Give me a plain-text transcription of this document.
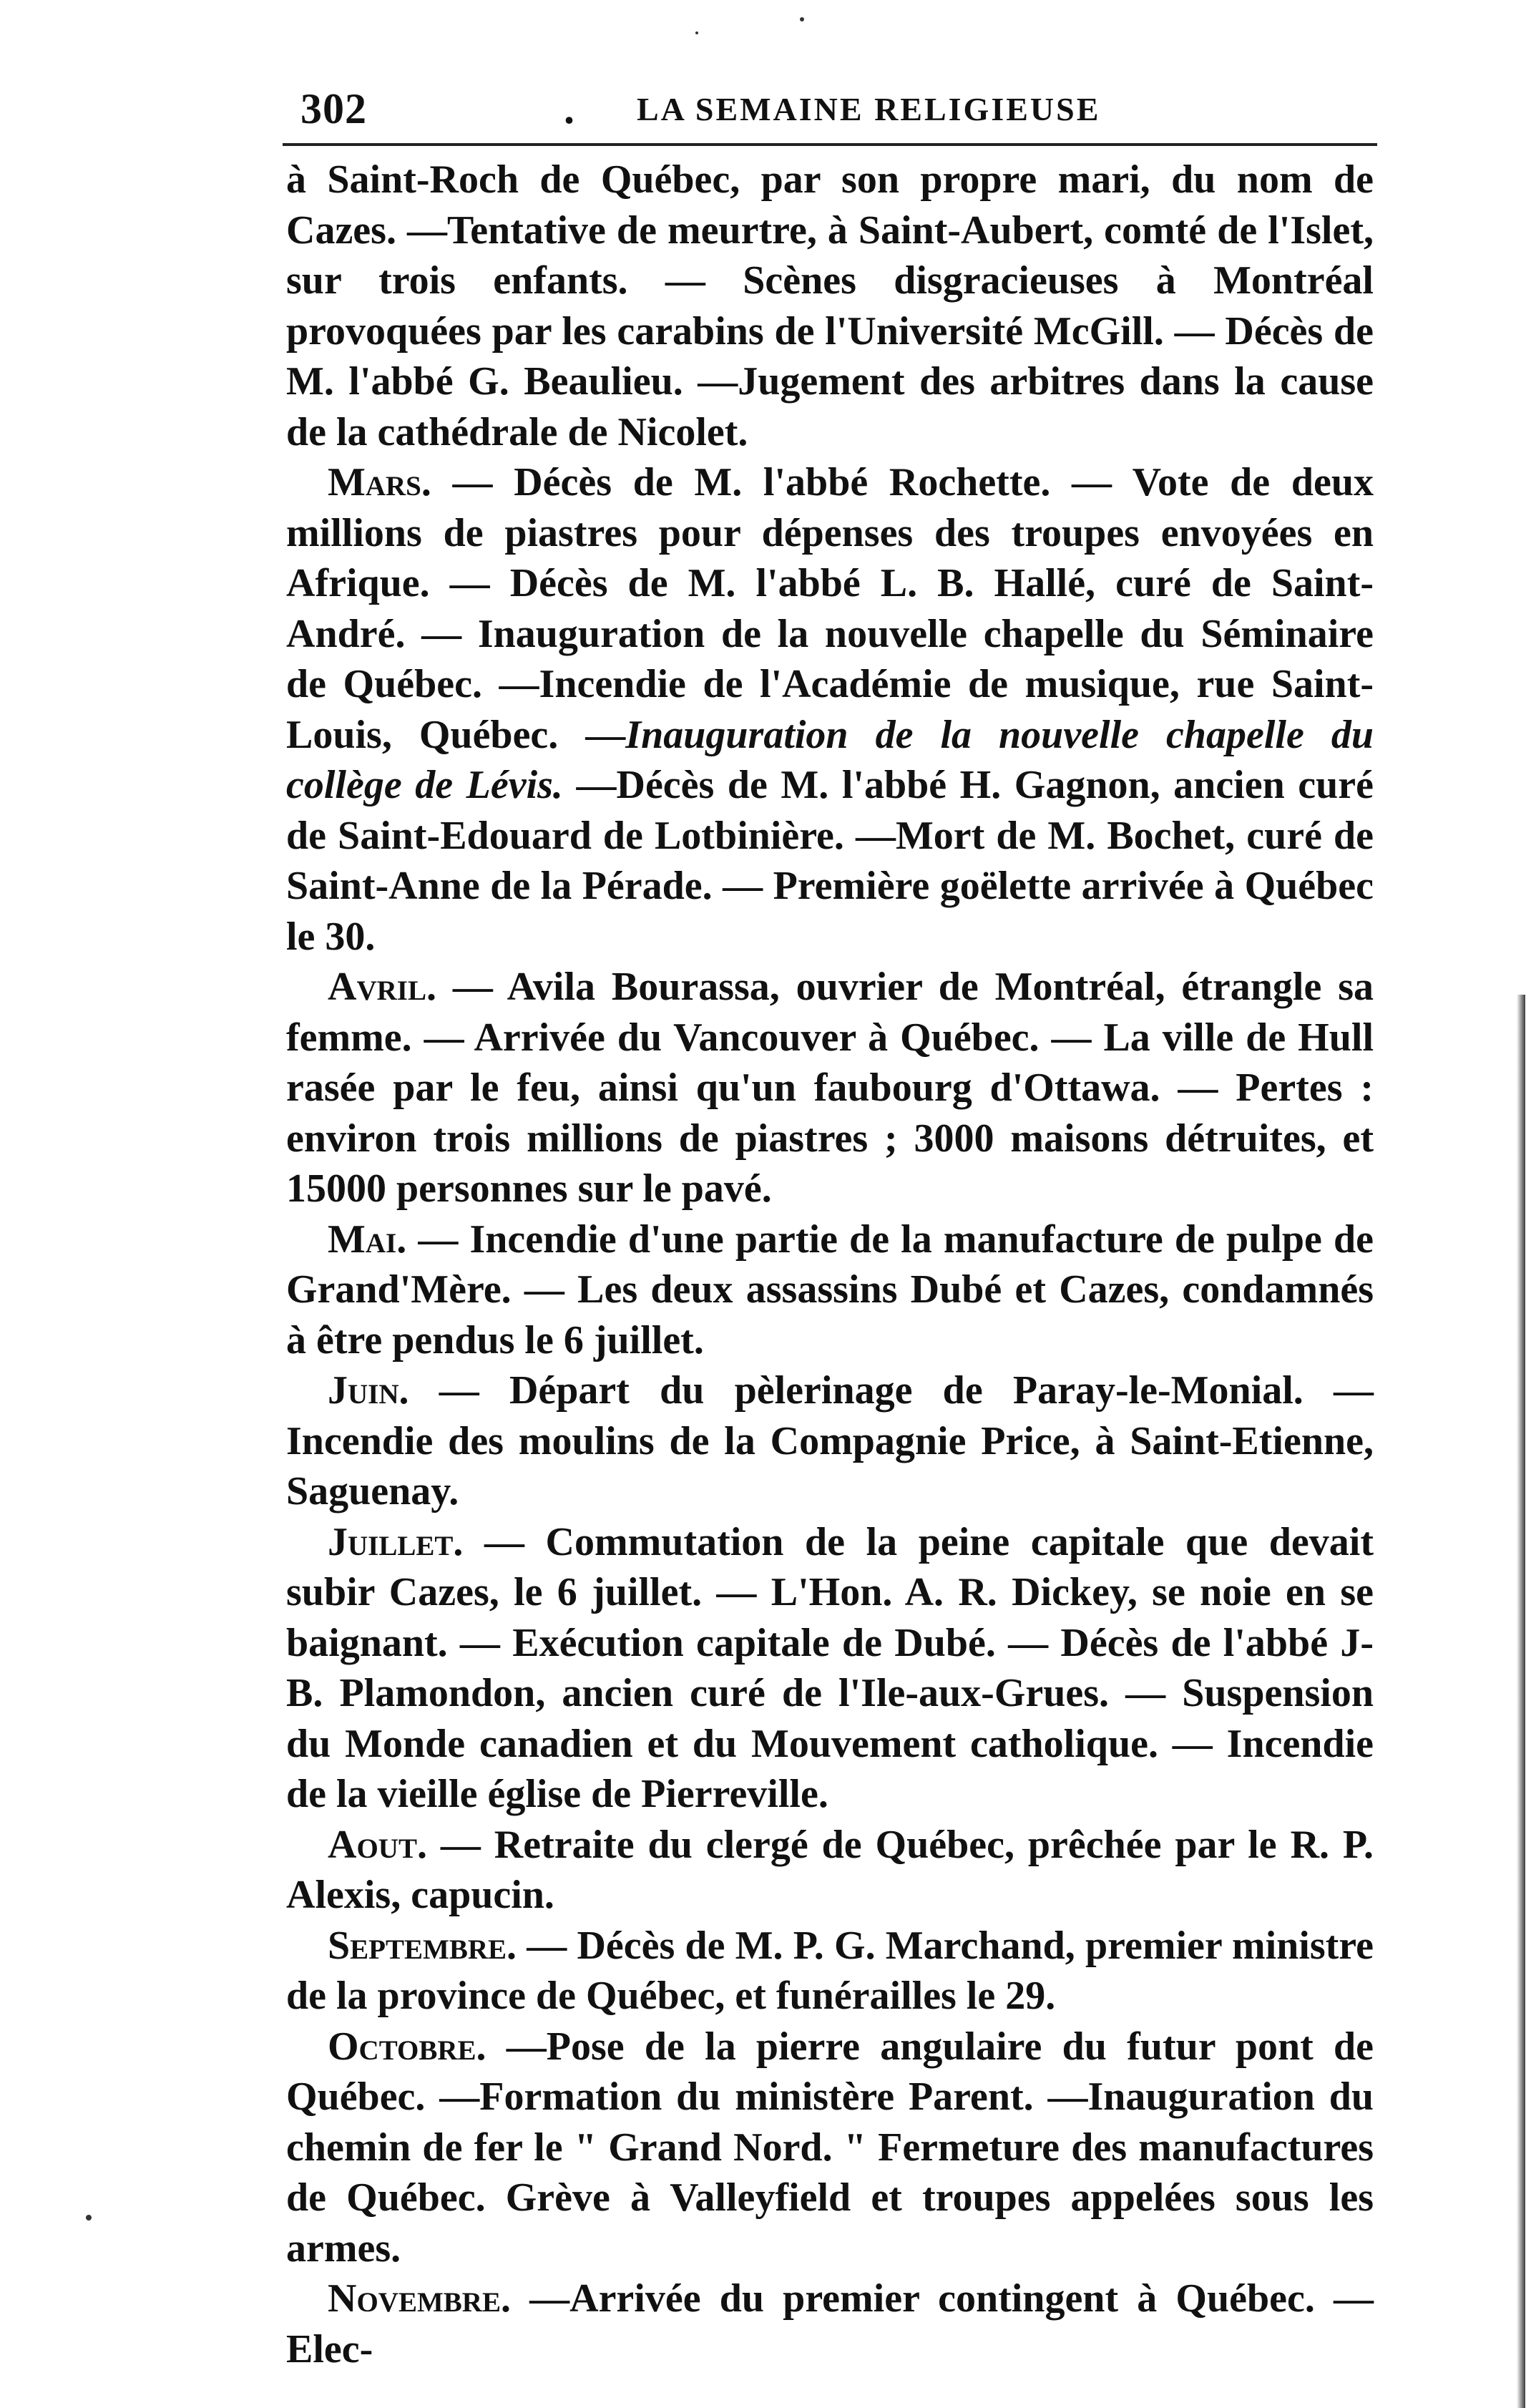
302	. LA SEMAINE RELIGIEUSE

à Saint-Roch de Québec, par son propre mari, du nom de Cazes. —Tentative de meurtre, à Saint-Aubert, comté de l'Islet, sur trois enfants. — Scènes disgracieuses à Montréal provoquées par les carabins de l'Université McGill. — Décès de M. l'abbé G. Beaulieu. —Jugement des arbitres dans la cause de la cathédrale de Nicolet.

Mars. — Décès de M. l'abbé Rochette. — Vote de deux millions de piastres pour dépenses des troupes envoyées en Afrique. — Décès de M. l'abbé L. B. Hallé, curé de Saint-André. — Inauguration de la nouvelle chapelle du Séminaire de Québec. —Incendie de l'Académie de musique, rue Saint-Louis, Québec. —Inauguration de la nouvelle chapelle du collège de Lévis. —Décès de M. l'abbé H. Gagnon, ancien curé de Saint-Edouard de Lotbinière. —Mort de M. Bochet, curé de Saint-Anne de la Pérade. — Première goëlette arrivée à Québec le 30.

Avril. — Avila Bourassa, ouvrier de Montréal, étrangle sa femme. — Arrivée du Vancouver à Québec. — La ville de Hull rasée par le feu, ainsi qu'un faubourg d'Ottawa. — Pertes : environ trois millions de piastres ; 3000 maisons détruites, et 15000 personnes sur le pavé.

Mai. — Incendie d'une partie de la manufacture de pulpe de Grand'Mère. — Les deux assassins Dubé et Cazes, condamnés à être pendus le 6 juillet.

Juin. — Départ du pèlerinage de Paray-le-Monial. —Incendie des moulins de la Compagnie Price, à Saint-Etienne, Saguenay.

Juillet. — Commutation de la peine capitale que devait subir Cazes, le 6 juillet. — L'Hon. A. R. Dickey, se noie en se baignant. — Exécution capitale de Dubé. — Décès de l'abbé J-B. Plamondon, ancien curé de l'Ile-aux-Grues. — Suspension du Monde canadien et du Mouvement catholique. — Incendie de la vieille église de Pierreville.

Aout. — Retraite du clergé de Québec, prêchée par le R. P. Alexis, capucin.

Septembre. — Décès de M. P. G. Marchand, premier ministre de la province de Québec, et funérailles le 29.

Octobre. —Pose de la pierre angulaire du futur pont de Québec. —Formation du ministère Parent. —Inauguration du chemin de fer le " Grand Nord. " Fermeture des manufactures de Québec. Grève à Valleyfield et troupes appelées sous les armes.

Novembre. —Arrivée du premier contingent à Québec. —Elec-
